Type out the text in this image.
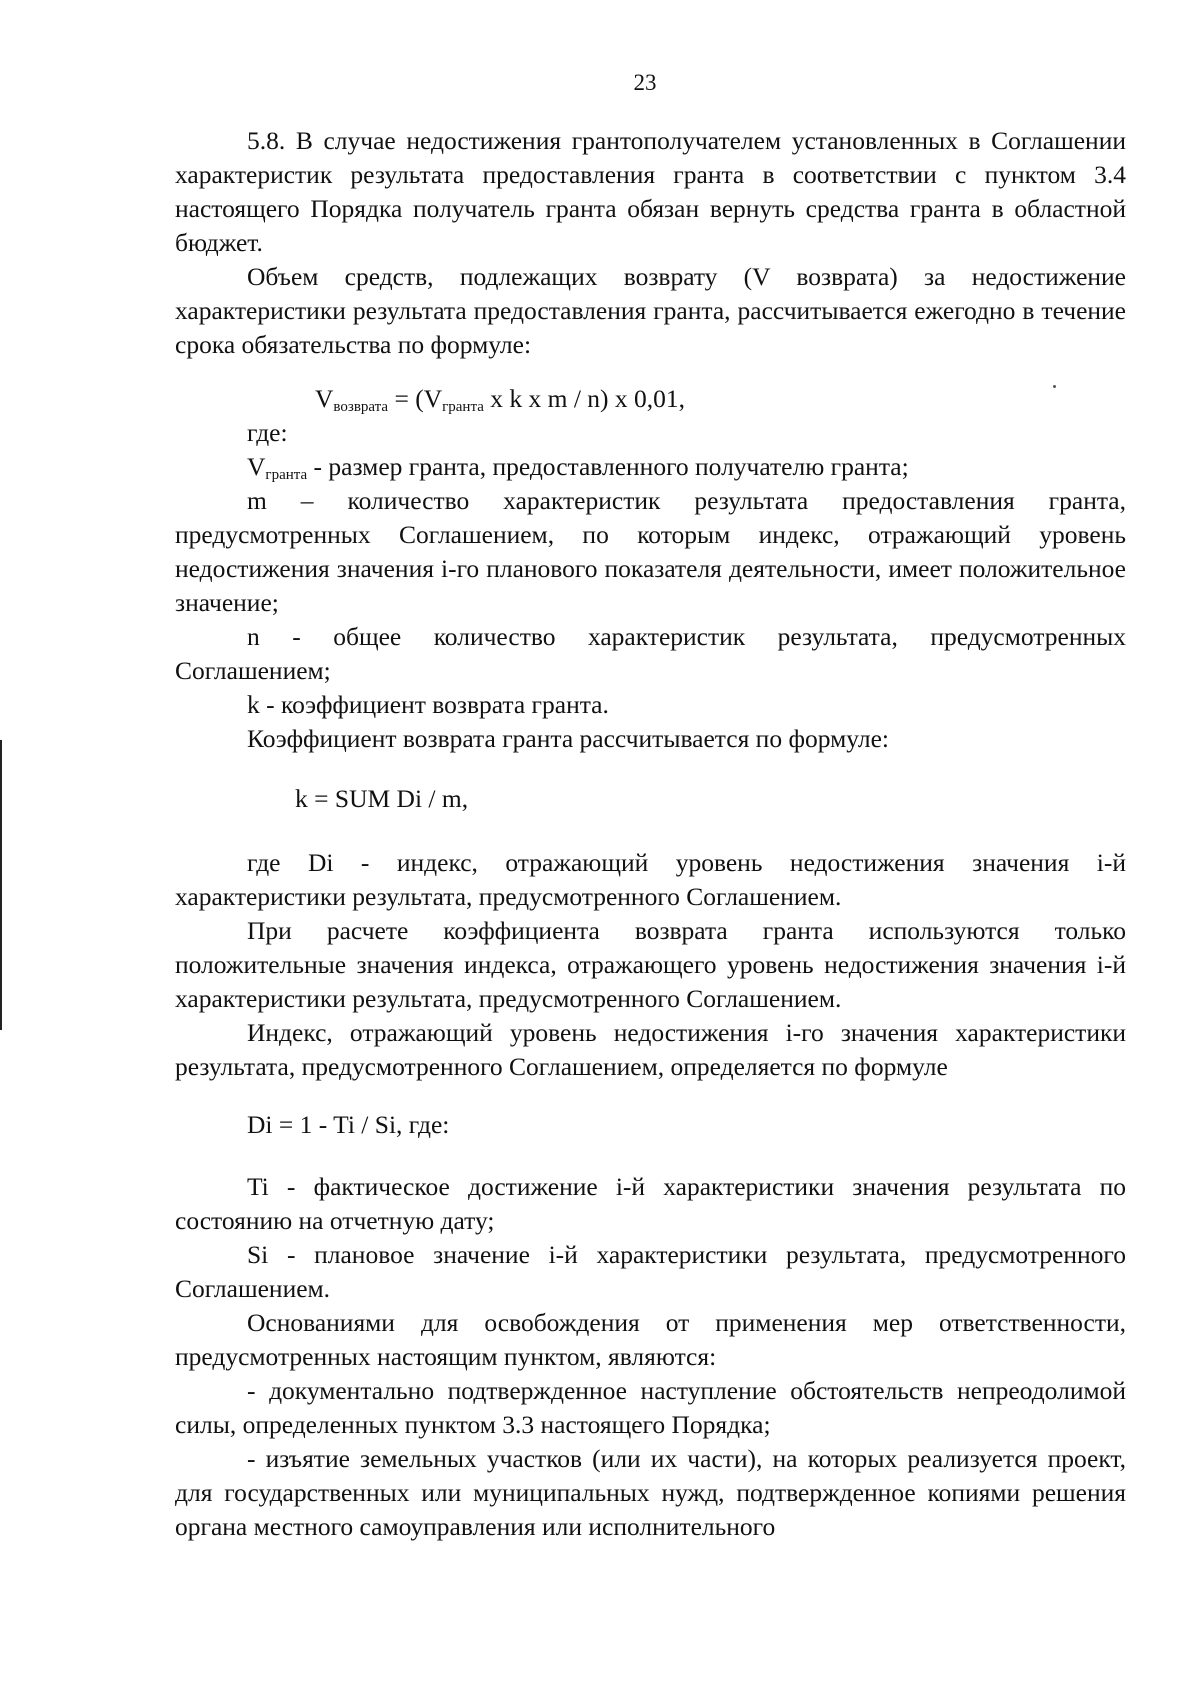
23

5.8. В случае недостижения грантополучателем установленных в Соглашении характеристик результата предоставления гранта в соответствии с пунктом 3.4 настоящего Порядка получатель гранта обязан вернуть средства гранта в областной бюджет.

Объем средств, подлежащих возврату (V возврата) за недостижение характеристики результата предоставления гранта, рассчитывается ежегодно в течение срока обязательства по формуле:

$V_{возврата} = (V_{гранта}$ x k x m / n) x 0,01,

где:

$V_{гранта}$ - размер гранта, предоставленного получателю гранта;

m – количество характеристик результата предоставления гранта, предусмотренных Соглашением, по которым индекс, отражающий уровень недостижения значения i-го планового показателя деятельности, имеет положительное значение;

n - общее количество характеристик результата, предусмотренных Соглашением;

k - коэффициент возврата гранта.

Коэффициент возврата гранта рассчитывается по формуле:

k = SUM Di / m,

где Di - индекс, отражающий уровень недостижения значения i-й характеристики результата, предусмотренного Соглашением.

При расчете коэффициента возврата гранта используются только положительные значения индекса, отражающего уровень недостижения значения i-й характеристики результата, предусмотренного Соглашением.

Индекс, отражающий уровень недостижения i-го значения характеристики результата, предусмотренного Соглашением, определяется по формуле

Di = 1 - Ti / Si, где:

Ti - фактическое достижение i-й характеристики значения результата по состоянию на отчетную дату;

Si - плановое значение i-й характеристики результата, предусмотренного Соглашением.

Основаниями для освобождения от применения мер ответственности, предусмотренных настоящим пунктом, являются:

- документально подтвержденное наступление обстоятельств непреодолимой силы, определенных пунктом 3.3 настоящего Порядка;

- изъятие земельных участков (или их части), на которых реализуется проект, для государственных или муниципальных нужд, подтвержденное копиями решения органа местного самоуправления или исполнительного
